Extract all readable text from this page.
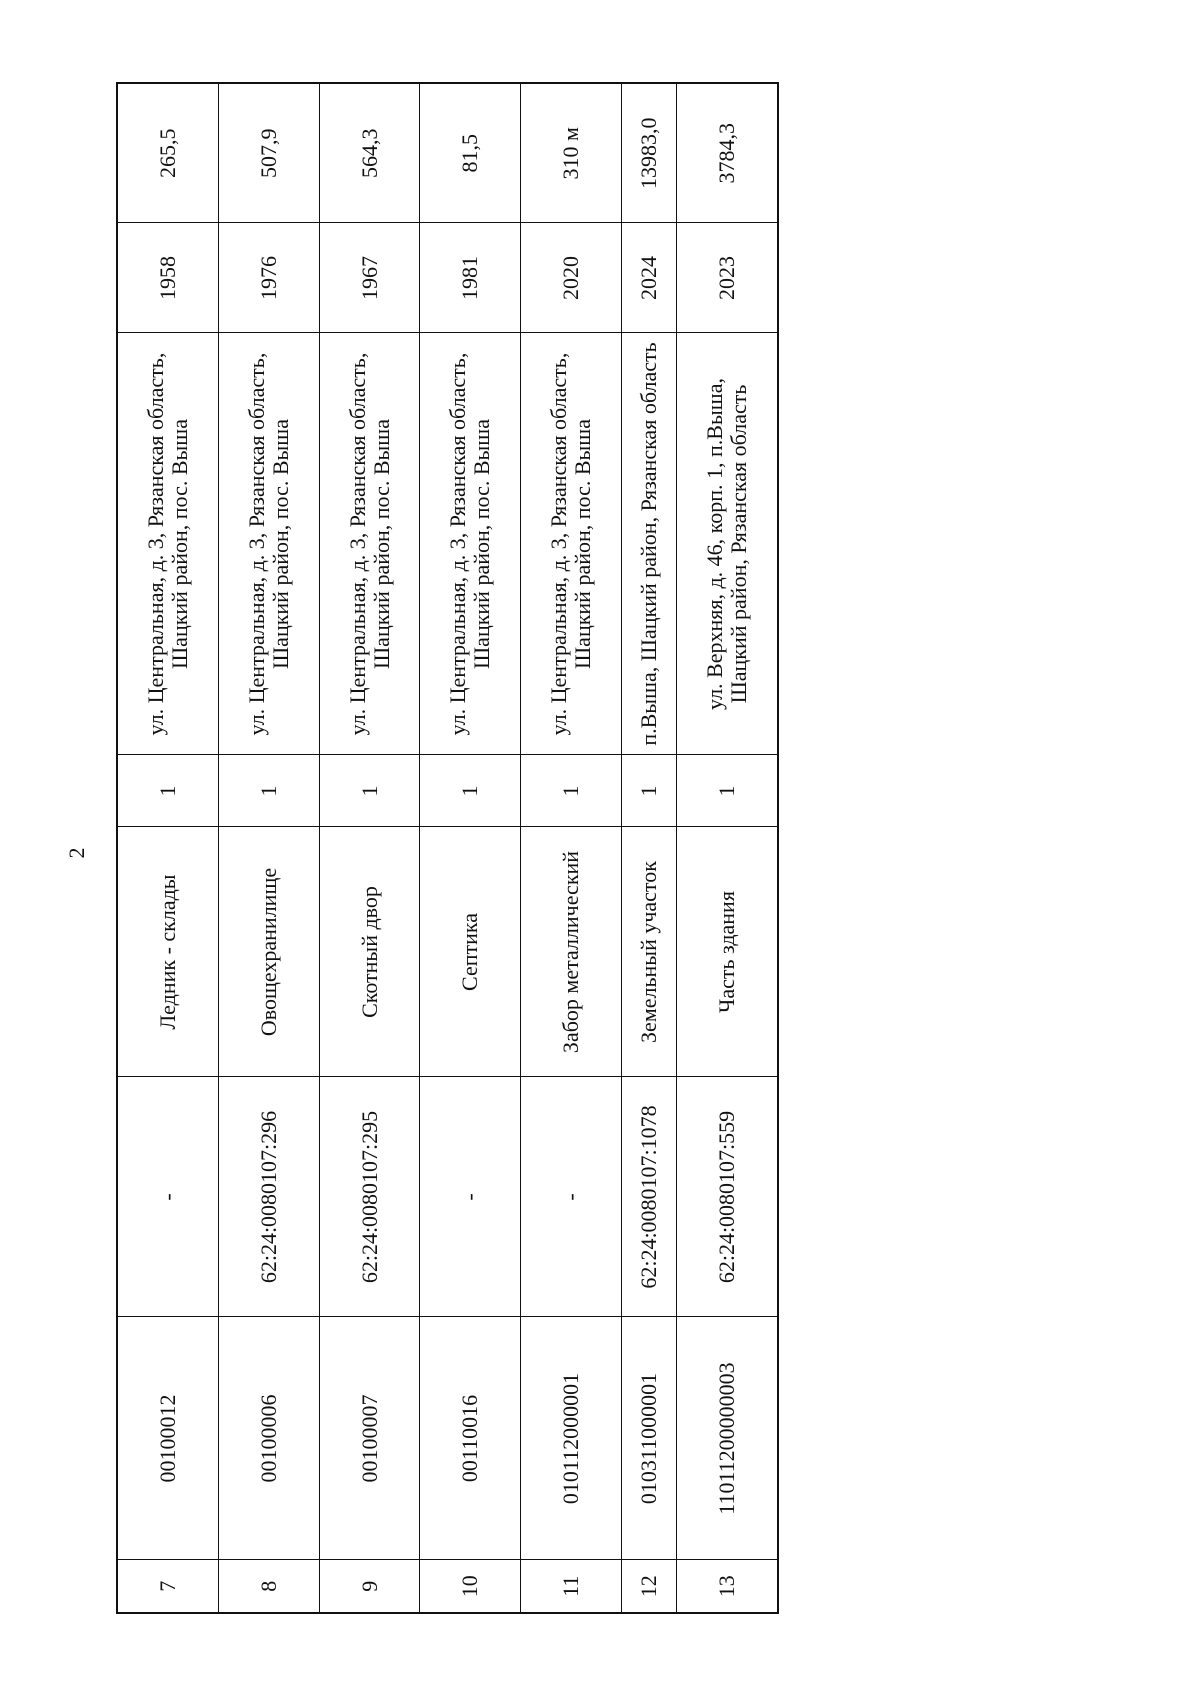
2
7	00100012	-	Ледник - склады	1	ул. Центральная, д. 3, Рязанская область, Шацкий район, пос. Выша	1958	265,5
8	00100006	62:24:0080107:296	Овощехранилище	1	ул. Центральная, д. 3, Рязанская область, Шацкий район, пос. Выша	1976	507,9
9	00100007	62:24:0080107:295	Скотный двор	1	ул. Центральная, д. 3, Рязанская область, Шацкий район, пос. Выша	1967	564,3
10	00110016	-	Септика	1	ул. Центральная, д. 3, Рязанская область, Шацкий район, пос. Выша	1981	81,5
11	010112000001	-	Забор металлический	1	ул. Центральная, д. 3, Рязанская область, Шацкий район, пос. Выша	2020	310 м
12	010311000001	62:24:0080107:1078	Земельный участок	1	п.Выша, Шацкий район, Рязанская область	2024	13983,0
13	11011200000003	62:24:0080107:559	Часть здания	1	ул. Верхняя, д. 46, корп. 1, п.Выша, Шацкий район, Рязанская область	2023	3784,3
